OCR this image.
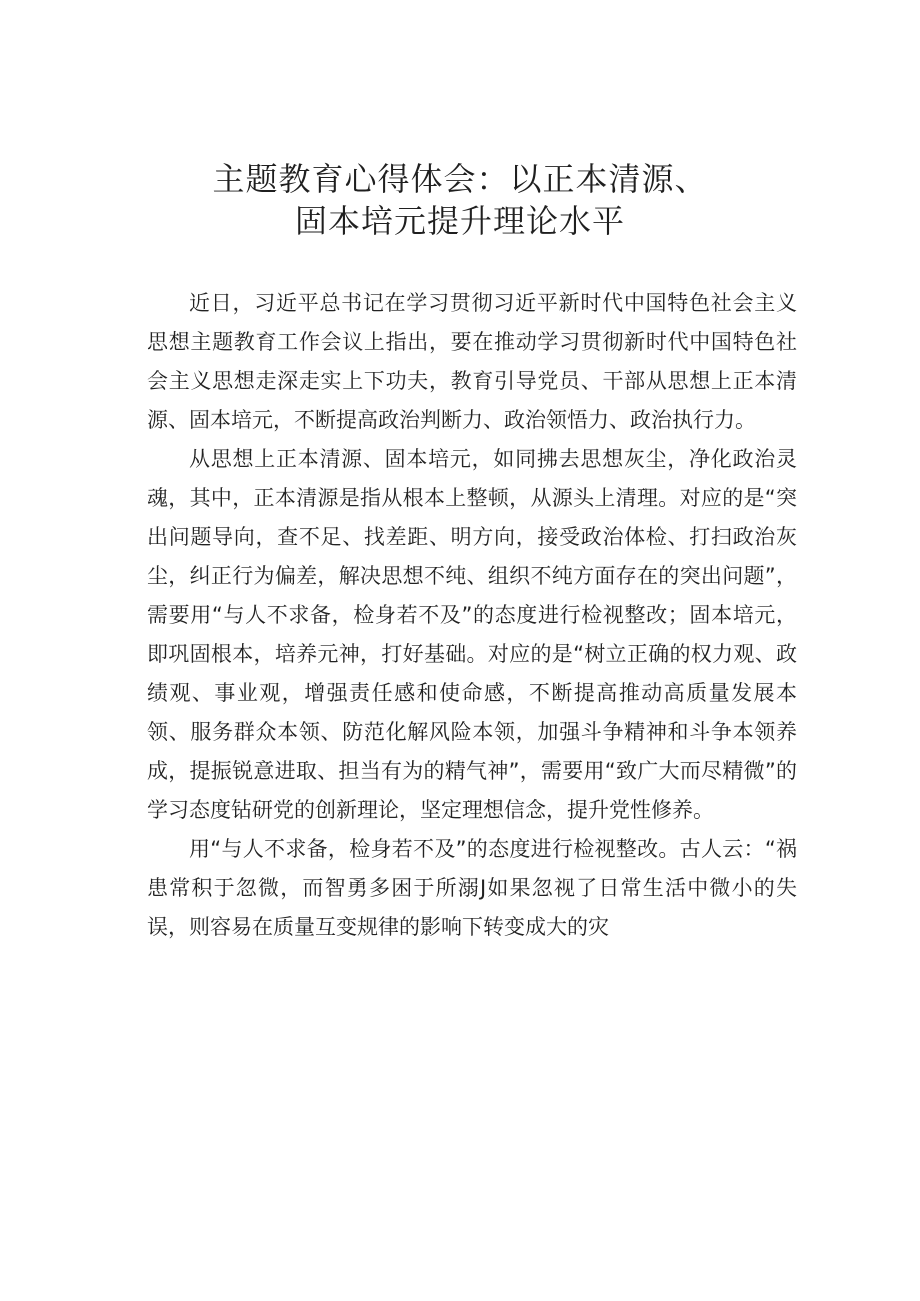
主题教育心得体会：以正本清源、
固本培元提升理论水平

近日，习近平总书记在学习贯彻习近平新时代中国特色社会主义思想主题教育工作会议上指出，要在推动学习贯彻新时代中国特色社会主义思想走深走实上下功夫，教育引导党员、干部从思想上正本清源、固本培元，不断提高政治判断力、政治领悟力、政治执行力。

从思想上正本清源、固本培元，如同拂去思想灰尘，净化政治灵魂，其中，正本清源是指从根本上整顿，从源头上清理。对应的是“突出问题导向，查不足、找差距、明方向，接受政治体检、打扫政治灰尘，纠正行为偏差，解决思想不纯、组织不纯方面存在的突出问题”，需要用“与人不求备，检身若不及”的态度进行检视整改；固本培元，即巩固根本，培养元神，打好基础。对应的是“树立正确的权力观、政绩观、事业观，增强责任感和使命感，不断提高推动高质量发展本领、服务群众本领、防范化解风险本领，加强斗争精神和斗争本领养成，提振锐意进取、担当有为的精气神”，需要用“致广大而尽精微”的学习态度钻研党的创新理论，坚定理想信念，提升党性修养。

用“与人不求备，检身若不及”的态度进行检视整改。古人云：“祸患常积于忽微，而智勇多困于所溺J如果忽视了日常生活中微小的失误，则容易在质量互变规律的影响下转变成大的灾
